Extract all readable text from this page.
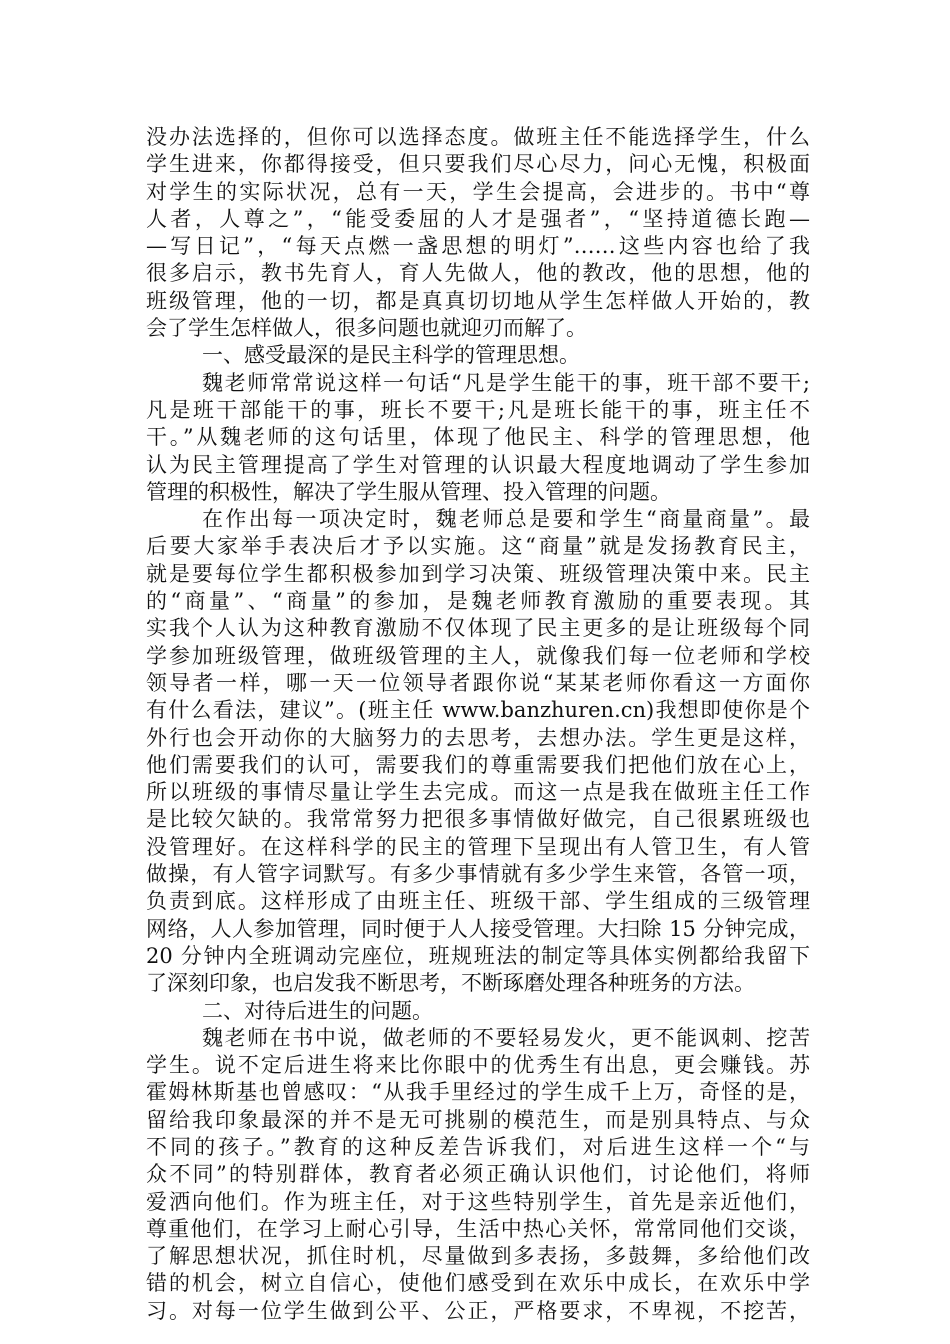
没办法选择的，但你可以选择态度。做班主任不能选择学生，什么
学生进来，你都得接受，但只要我们尽心尽力，问心无愧，积极面
对学生的实际状况，总有一天，学生会提高，会进步的。书中“尊
人者，人尊之”，“能受委屈的人才是强者”，“坚持道德长跑—
—写日记”，“每天点燃一盏思想的明灯”……这些内容也给了我
很多启示，教书先育人，育人先做人，他的教改，他的思想，他的
班级管理，他的一切，都是真真切切地从学生怎样做人开始的，教
会了学生怎样做人，很多问题也就迎刃而解了。
一、感受最深的是民主科学的管理思想。
魏老师常常说这样一句话“凡是学生能干的事，班干部不要干;
凡是班干部能干的事，班长不要干;凡是班长能干的事，班主任不
干。”从魏老师的这句话里，体现了他民主、科学的管理思想，他
认为民主管理提高了学生对管理的认识最大程度地调动了学生参加
管理的积极性，解决了学生服从管理、投入管理的问题。
在作出每一项决定时，魏老师总是要和学生“商量商量”。最
后要大家举手表决后才予以实施。这“商量”就是发扬教育民主，
就是要每位学生都积极参加到学习决策、班级管理决策中来。民主
的“商量”、“商量”的参加，是魏老师教育激励的重要表现。其
实我个人认为这种教育激励不仅体现了民主更多的是让班级每个同
学参加班级管理，做班级管理的主人，就像我们每一位老师和学校
领导者一样，哪一天一位领导者跟你说“某某老师你看这一方面你
有什么看法，建议”。(班主任 www.banzhuren.cn)我想即使你是个
外行也会开动你的大脑努力的去思考，去想办法。学生更是这样，
他们需要我们的认可，需要我们的尊重需要我们把他们放在心上，
所以班级的事情尽量让学生去完成。而这一点是我在做班主任工作
是比较欠缺的。我常常努力把很多事情做好做完，自己很累班级也
没管理好。在这样科学的民主的管理下呈现出有人管卫生，有人管
做操，有人管字词默写。有多少事情就有多少学生来管，各管一项，
负责到底。这样形成了由班主任、班级干部、学生组成的三级管理
网络，人人参加管理，同时便于人人接受管理。大扫除 15 分钟完成，
20 分钟内全班调动完座位，班规班法的制定等具体实例都给我留下
了深刻印象，也启发我不断思考，不断琢磨处理各种班务的方法。
二、对待后进生的问题。
魏老师在书中说，做老师的不要轻易发火，更不能讽刺、挖苦
学生。说不定后进生将来比你眼中的优秀生有出息，更会赚钱。苏
霍姆林斯基也曾感叹：“从我手里经过的学生成千上万，奇怪的是，
留给我印象最深的并不是无可挑剔的模范生，而是别具特点、与众
不同的孩子。”教育的这种反差告诉我们，对后进生这样一个“与
众不同”的特别群体，教育者必须正确认识他们，讨论他们，将师
爱洒向他们。作为班主任，对于这些特别学生，首先是亲近他们，
尊重他们，在学习上耐心引导，生活中热心关怀，常常同他们交谈，
了解思想状况，抓住时机，尽量做到多表扬，多鼓舞，多给他们改
错的机会，树立自信心，使他们感受到在欢乐中成长，在欢乐中学
习。对每一位学生做到公平、公正，严格要求，不卑视，不挖苦，
